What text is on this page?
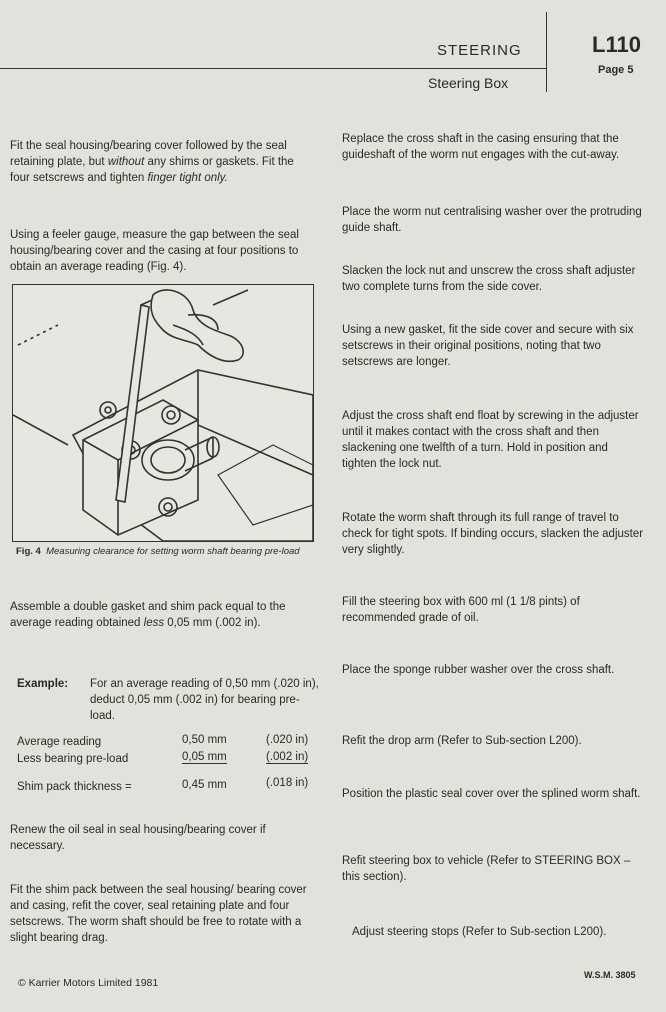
STEERING
Steering Box
L110
Page 5

Fit the seal housing/bearing cover followed by the seal retaining plate, but without any shims or gaskets. Fit the four setscrews and tighten finger tight only.

Using a feeler gauge, measure the gap between the seal housing/bearing cover and the casing at four positions to obtain an average reading (Fig. 4).

Fig. 4 Measuring clearance for setting worm shaft bearing pre-load

Assemble a double gasket and shim pack equal to the average reading obtained less 0,05 mm (.002 in).

Example: For an average reading of 0,50 mm (.020 in), deduct 0,05 mm (.002 in) for bearing pre-load.

Average reading	0,50 mm	(.020 in)
Less bearing pre-load	0,05 mm	(.002 in)
Shim pack thickness =	0,45 mm	(.018 in)

Renew the oil seal in seal housing/bearing cover if necessary.

Fit the shim pack between the seal housing/ bearing cover and casing, refit the cover, seal retaining plate and four setscrews. The worm shaft should be free to rotate with a slight bearing drag.

Replace the cross shaft in the casing ensuring that the guideshaft of the worm nut engages with the cut-away.

Place the worm nut centralising washer over the protruding guide shaft.

Slacken the lock nut and unscrew the cross shaft adjuster two complete turns from the side cover.

Using a new gasket, fit the side cover and secure with six setscrews in their original positions, noting that two setscrews are longer.

Adjust the cross shaft end float by screwing in the adjuster until it makes contact with the cross shaft and then slackening one twelfth of a turn. Hold in position and tighten the lock nut.

Rotate the worm shaft through its full range of travel to check for tight spots. If binding occurs, slacken the adjuster very slightly.

Fill the steering box with 600 ml (1 1/8 pints) of recommended grade of oil.

Place the sponge rubber washer over the cross shaft.

Refit the drop arm (Refer to Sub-section L200).

Position the plastic seal cover over the splined worm shaft.

Refit steering box to vehicle (Refer to STEERING BOX – this section).

Adjust steering stops (Refer to Sub-section L200).

© Karrier Motors Limited 1981
W.S.M. 3805
